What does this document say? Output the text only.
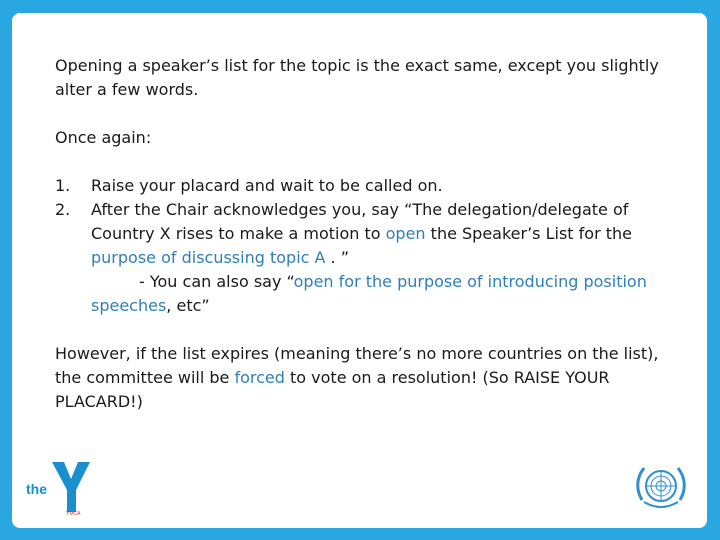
Opening a speaker’s list for the topic is the exact same, except you slightly alter a few words.

Once again:

1. Raise your placard and wait to be called on.
2. After the Chair acknowledges you, say “The delegation/delegate of Country X rises to make a motion to open the Speaker’s List for the purpose of discussing topic A . ”
- You can also say “open for the purpose of introducing position speeches, etc”

However, if the list expires (meaning there’s no more countries on the list), the committee will be forced to vote on a resolution! (So RAISE YOUR PLACARD!)

the
YMCA
